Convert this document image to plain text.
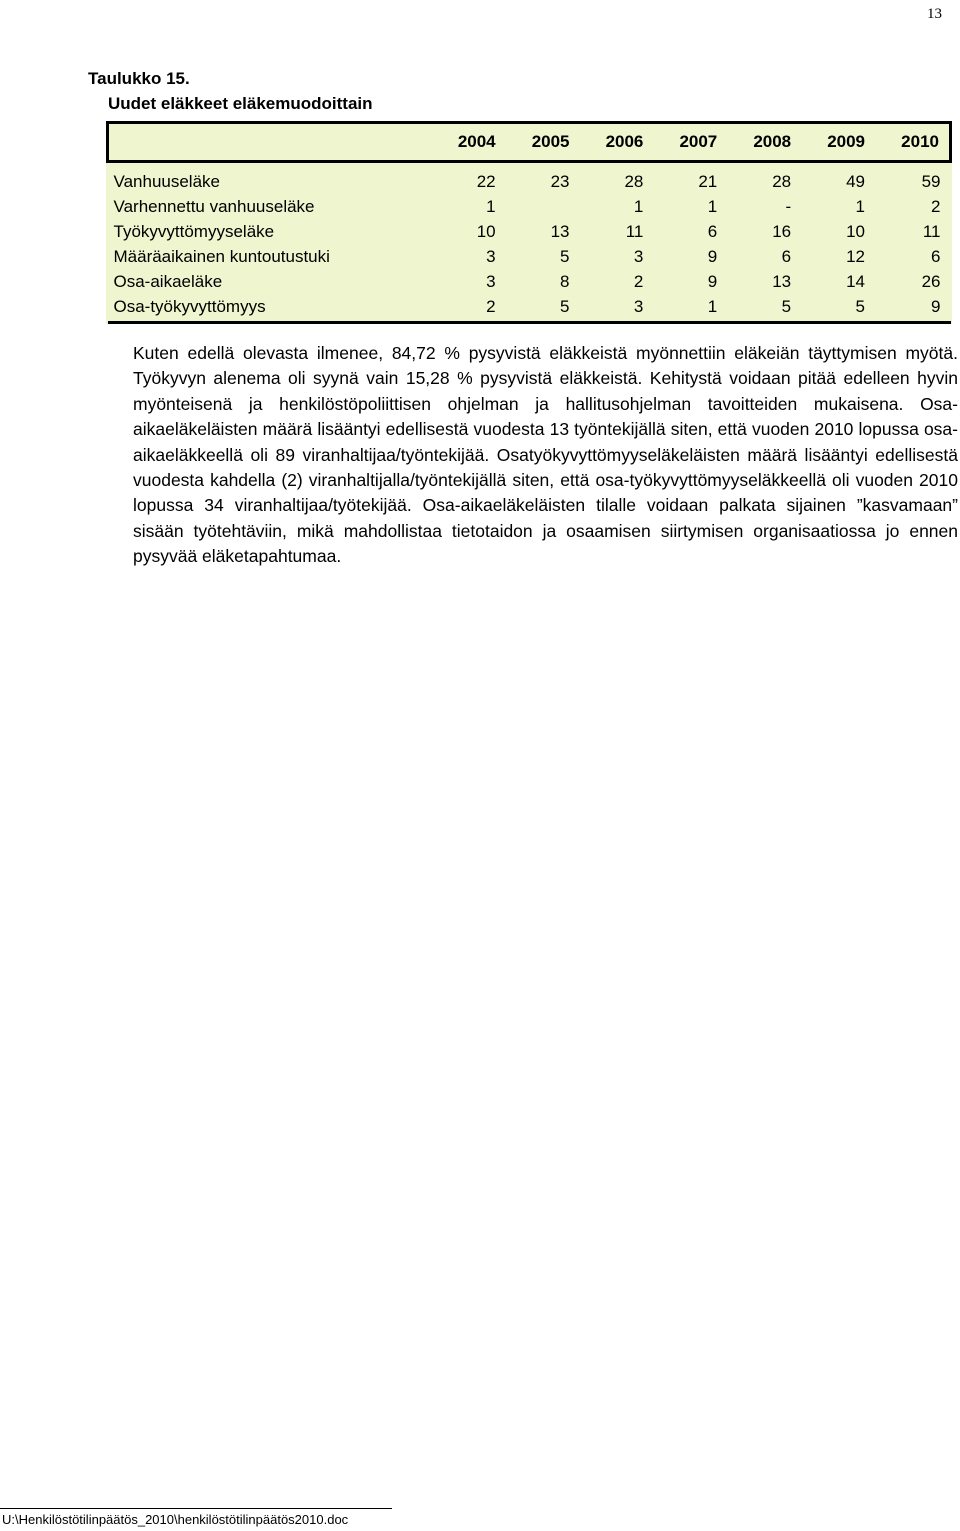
13
Taulukko 15.
Uudet eläkkeet eläkemuodoittain
	2004	2005	2006	2007	2008	2009	2010
Vanhuuseläke	22	23	28	21	28	49	59
Varhennettu vanhuuseläke	1		1	1	-	1	2
Työkyvyttömyyseläke	10	13	11	6	16	10	11
Määräaikainen kuntoutustuki	3	5	3	9	6	12	6
Osa-aikaeläke	3	8	2	9	13	14	26
Osa-työkyvyttömyys	2	5	3	1	5	5	9

Kuten edellä olevasta ilmenee, 84,72 % pysyvistä eläkkeistä myönnettiin eläkeiän täyttymisen myötä. Työkyvyn alenema oli syynä vain 15,28 % pysyvistä eläkkeistä. Kehitystä voidaan pitää edelleen hyvin myönteisenä ja henkilöstöpoliittisen ohjelman ja hallitusohjelman tavoitteiden mukaisena. Osa-aikaeläkeläisten määrä lisääntyi edellisestä vuodesta 13 työntekijällä siten, että vuoden 2010 lopussa osa-aikaeläkkeellä oli 89 viranhaltijaa/työntekijää. Osatyökyvyttömyyseläkeläisten määrä lisääntyi edellisestä vuodesta kahdella (2) viranhaltijalla/työntekijällä siten, että osa-työkyvyttömyyseläkkeellä oli vuoden 2010 lopussa 34 viranhaltijaa/työtekijää. Osa-aikaeläkeläisten tilalle voidaan palkata sijainen ”kasvamaan” sisään työtehtäviin, mikä mahdollistaa tietotaidon ja osaamisen siirtymisen organisaatiossa jo ennen pysyvää eläketapahtumaa.

U:\Henkilöstötilinpäätös_2010\henkilöstötilinpäätös2010.doc
